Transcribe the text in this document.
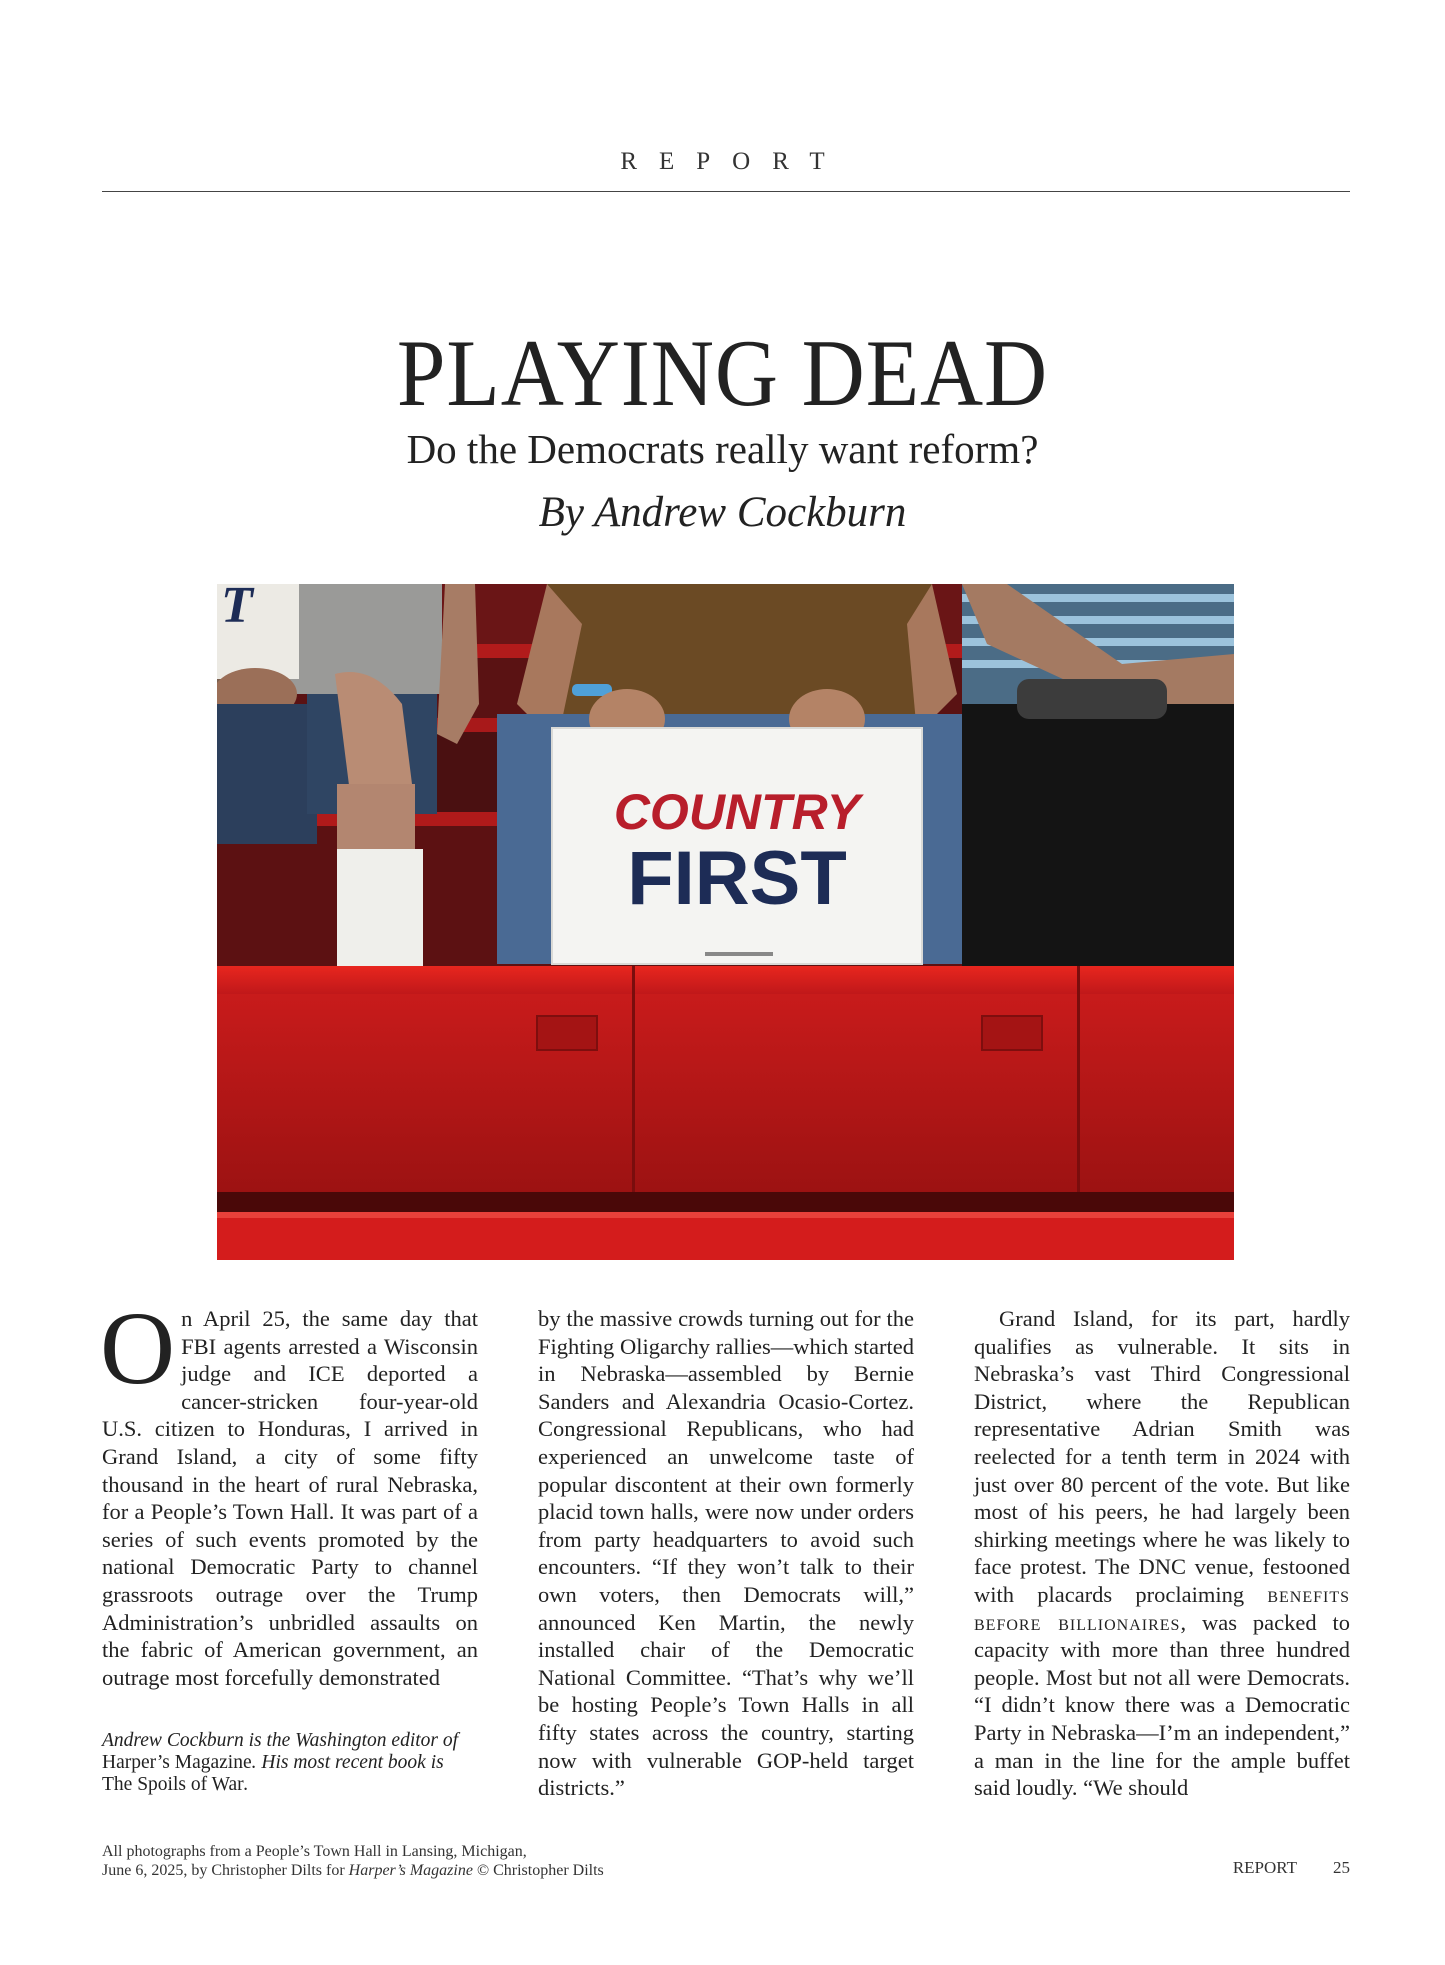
REPORT
PLAYING DEAD
Do the Democrats really want reform?
By Andrew Cockburn
T
COUNTRY
FIRST
On April 25, the same day that FBI agents arrested a Wisconsin judge and ICE deported a cancer-stricken four-year-old U.S. citizen to Honduras, I arrived in Grand Island, a city of some fifty thousand in the heart of rural Nebraska, for a People’s Town Hall. It was part of a series of such events promoted by the national Democratic Party to channel grassroots outrage over the Trump Administration’s unbridled assaults on the fabric of American government, an outrage most forcefully demonstrated
Andrew Cockburn is the Washington editor of Harper’s Magazine. His most recent book is The Spoils of War.
by the massive crowds turning out for the Fighting Oligarchy rallies—which started in Nebraska—assembled by Bernie Sanders and Alexandria Ocasio-Cortez. Congressional Republicans, who had experienced an unwelcome taste of popular discontent at their own formerly placid town halls, were now under orders from party headquarters to avoid such encounters. “If they won’t talk to their own voters, then Democrats will,” announced Ken Martin, the newly installed chair of the Democratic National Committee. “That’s why we’ll be hosting People’s Town Halls in all fifty states across the country, starting now with vulnerable GOP-held target districts.”
Grand Island, for its part, hardly qualifies as vulnerable. It sits in Nebraska’s vast Third Congressional District, where the Republican representative Adrian Smith was reelected for a tenth term in 2024 with just over 80 percent of the vote. But like most of his peers, he had largely been shirking meetings where he was likely to face protest. The DNC venue, festooned with placards proclaiming benefits before billionaires, was packed to capacity with more than three hundred people. Most but not all were Democrats. “I didn’t know there was a Democratic Party in Nebraska—I’m an independent,” a man in the line for the ample buffet said loudly. “We should
All photographs from a People’s Town Hall in Lansing, Michigan,
June 6, 2025, by Christopher Dilts for Harper’s Magazine © Christopher Dilts	REPORT 25
